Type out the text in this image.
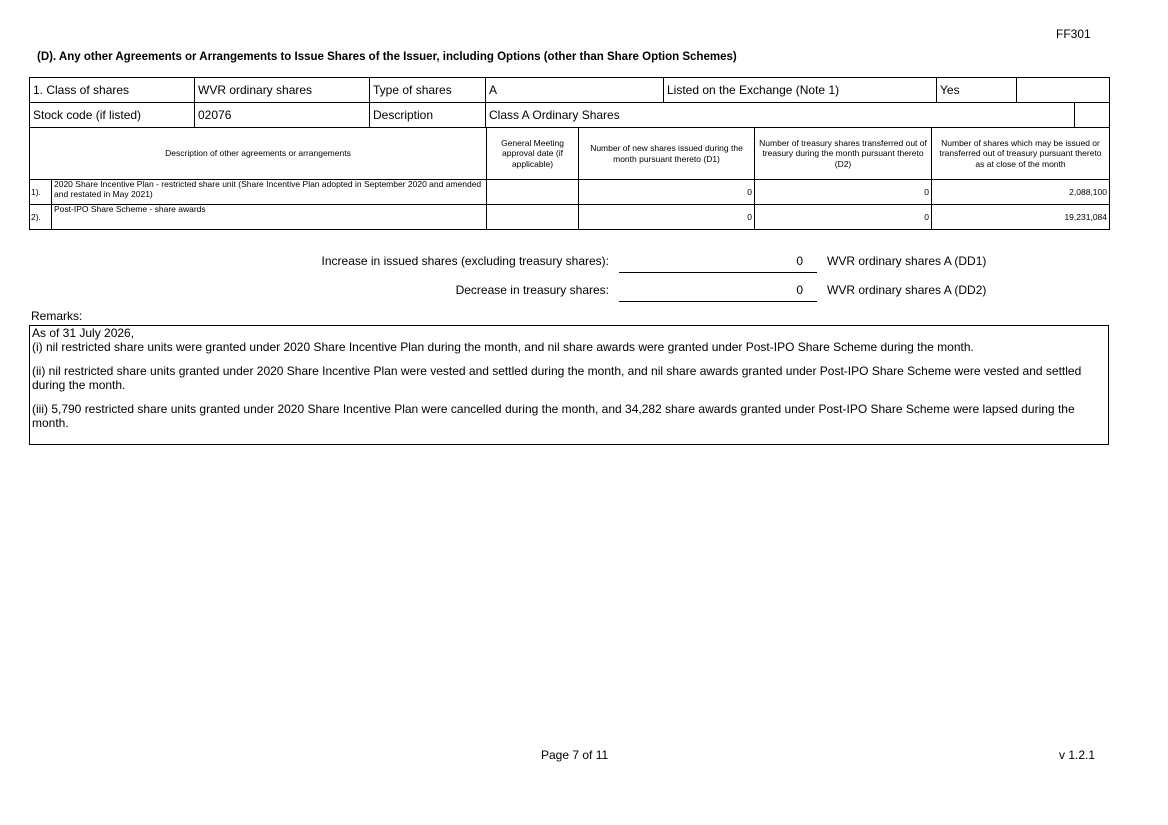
FF301
(D). Any other Agreements or Arrangements to Issue Shares of the Issuer, including Options (other than Share Option Schemes)
1. Class of shares	WVR ordinary shares	Type of shares	A	Listed on the Exchange (Note 1)	Yes		
Stock code (if listed)	02076	Description	Class A Ordinary Shares				
Description of other agreements or arrangements		General Meeting approval date (if applicable)	Number of new shares issued during the month pursuant thereto (D1)	Number of treasury shares transferred out of treasury during the month pursuant thereto (D2)	Number of shares which may be issued or transferred out of treasury pursuant thereto as at close of the month
1).	2020 Share Incentive Plan - restricted share unit (Share Incentive Plan adopted in September 2020 and amended and restated in May 2021)		0	0	2,088,100
2).	Post-IPO Share Scheme - share awards		0	0	19,231,084
Increase in issued shares (excluding treasury shares):	0 WVR ordinary shares A (DD1)
Decrease in treasury shares:	0 WVR ordinary shares A (DD2)
Remarks:

As of 31 July 2026,

(i) nil restricted share units were granted under 2020 Share Incentive Plan during the month, and nil share awards were granted under Post-IPO Share Scheme during the month.

(ii) nil restricted share units granted under 2020 Share Incentive Plan were vested and settled during the month, and nil share awards granted under Post-IPO Share Scheme were vested and settled during the month.

(iii) 5,790 restricted share units granted under 2020 Share Incentive Plan were cancelled during the month, and 34,282 share awards granted under Post-IPO Share Scheme were lapsed during the month.

Page 7 of 11	v 1.2.1
